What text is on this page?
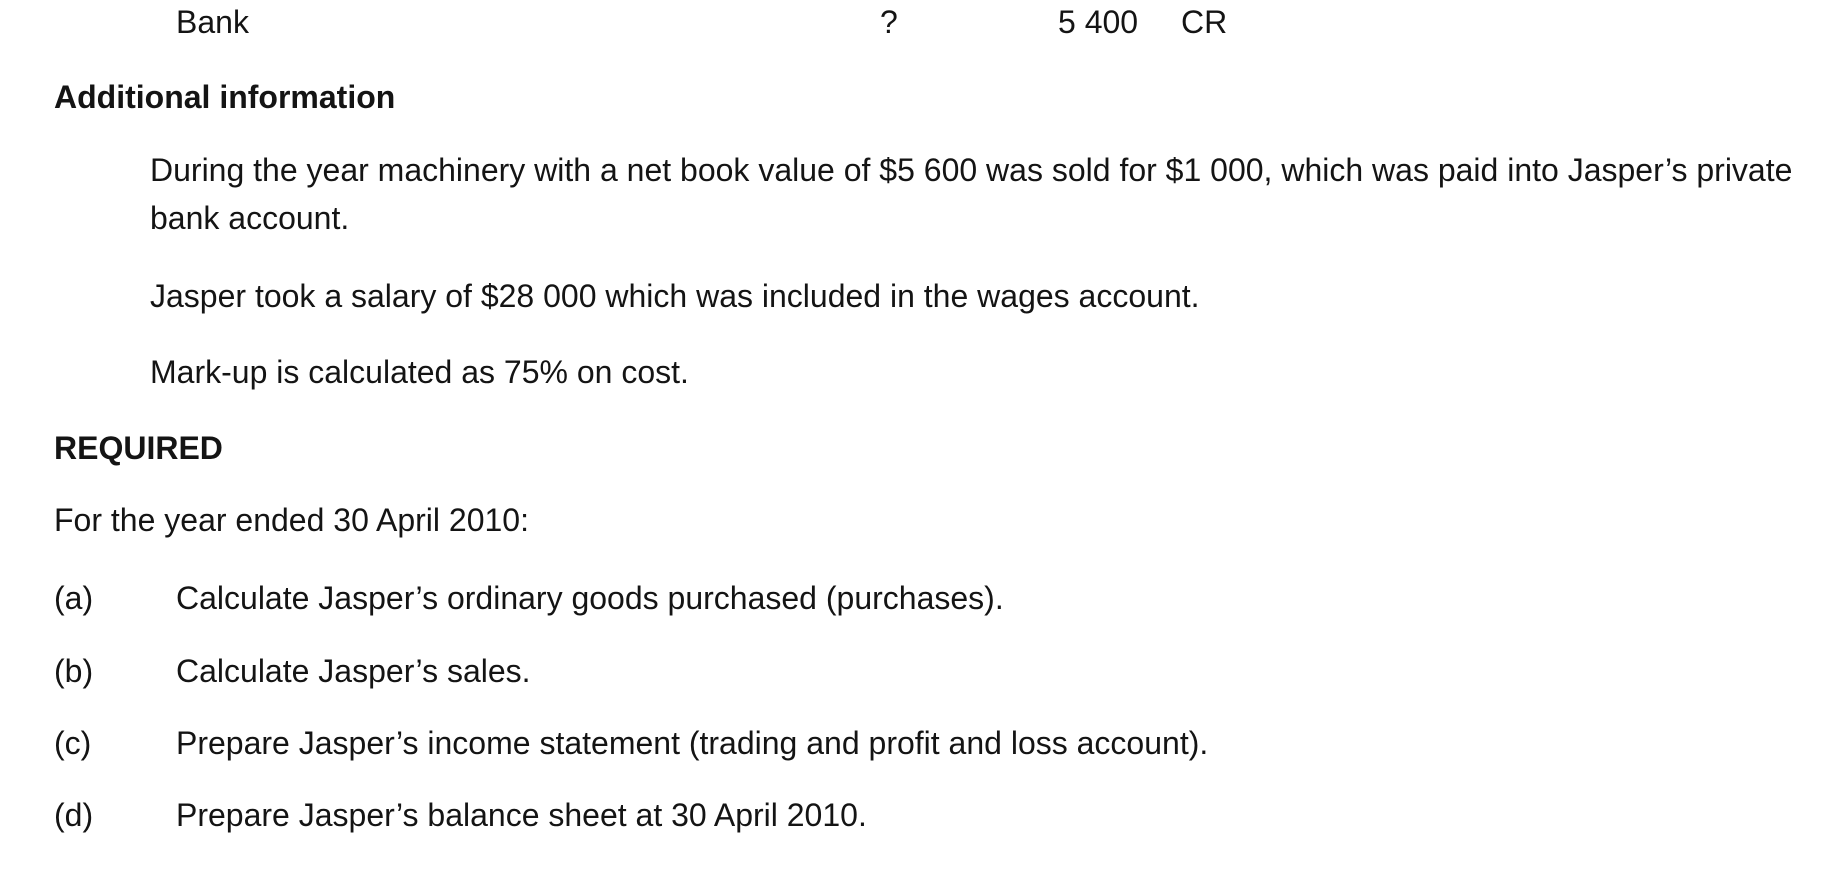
Bank	?	5 400 CR
Additional information
During the year machinery with a net book value of $5 600 was sold for $1 000, which was paid into Jasper’s private bank account.
Jasper took a salary of $28 000 which was included in the wages account.
Mark-up is calculated as 75% on cost.
REQUIRED
For the year ended 30 April 2010:
(a)	Calculate Jasper’s ordinary goods purchased (purchases).
(b)	Calculate Jasper’s sales.
(c)	Prepare Jasper’s income statement (trading and profit and loss account).
(d)	Prepare Jasper’s balance sheet at 30 April 2010.
